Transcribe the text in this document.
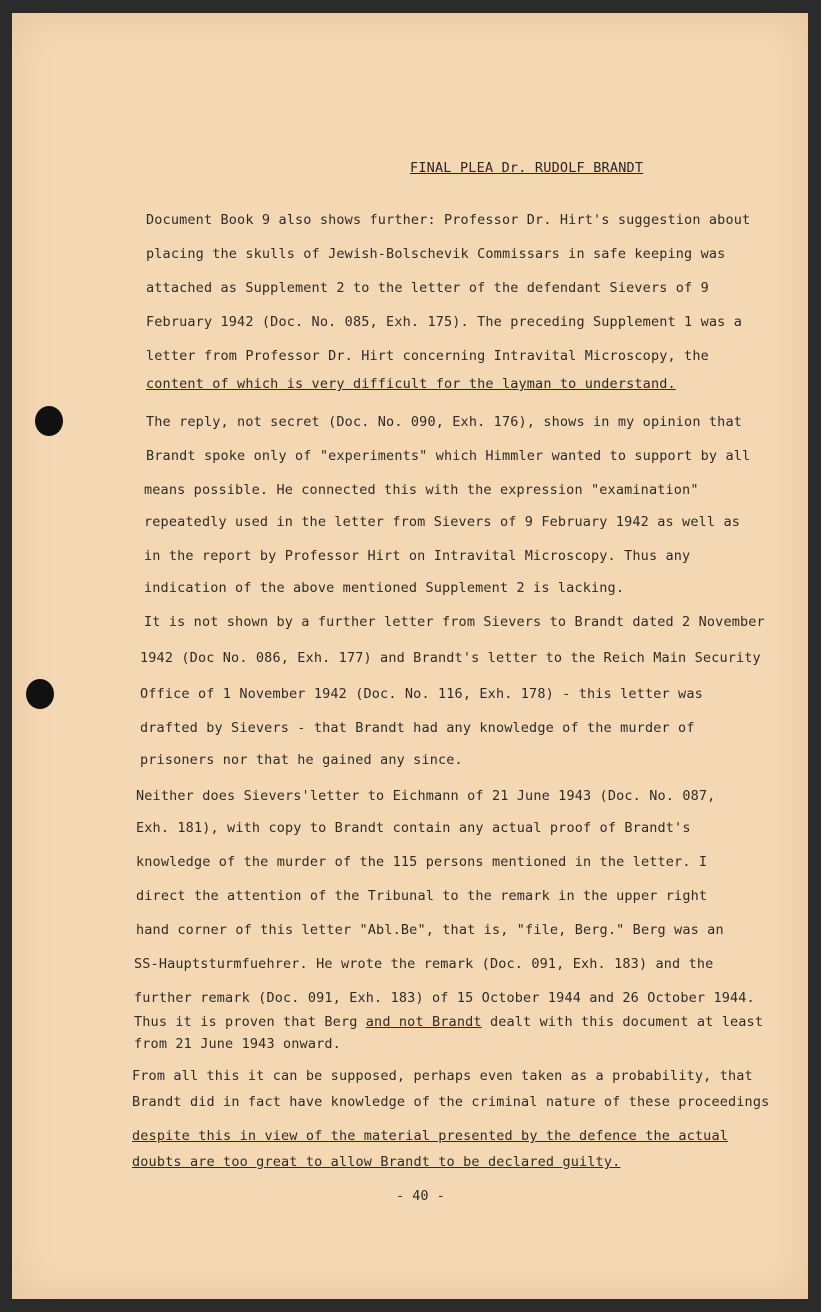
FINAL PLEA Dr. RUDOLF BRANDT
Document Book 9 also shows further: Professor Dr. Hirt's suggestion about
placing the skulls of Jewish-Bolschevik Commissars in safe keeping was
attached as Supplement 2 to the letter of the defendant Sievers of 9
February 1942 (Doc. No. 085, Exh. 175). The preceding Supplement 1 was a
letter from Professor Dr. Hirt concerning Intravital Microscopy, the
content of which is very difficult for the layman to understand.
The reply, not secret (Doc. No. 090, Exh. 176), shows in my opinion that
Brandt spoke only of "experiments" which Himmler wanted to support by all
means possible. He connected this with the expression "examination"
repeatedly used in the letter from Sievers of 9 February 1942 as well as
in the report by Professor Hirt on Intravital Microscopy. Thus any
indication of the above mentioned Supplement 2 is lacking.
It is not shown by a further letter from Sievers to Brandt dated 2 November
1942 (Doc No. 086, Exh. 177) and Brandt's letter to the Reich Main Security
Office of 1 November 1942 (Doc. No. 116, Exh. 178) - this letter was
drafted by Sievers - that Brandt had any knowledge of the murder of
prisoners nor that he gained any since.
Neither does Sievers'letter to Eichmann of 21 June 1943 (Doc. No. 087,
Exh. 181), with copy to Brandt contain any actual proof of Brandt's
knowledge of the murder of the 115 persons mentioned in the letter. I
direct the attention of the Tribunal to the remark in the upper right
hand corner of this letter "Abl.Be", that is, "file, Berg." Berg was an
SS-Hauptsturmfuehrer. He wrote the remark (Doc. 091, Exh. 183) and the
further remark (Doc. 091, Exh. 183) of 15 October 1944 and 26 October 1944.
Thus it is proven that Berg and not Brandt dealt with this document at least
from 21 June 1943 onward.
From all this it can be supposed, perhaps even taken as a probability, that
Brandt did in fact have knowledge of the criminal nature of these proceedings
despite this in view of the material presented by the defence the actual
doubts are too great to allow Brandt to be declared guilty.
- 40 -
